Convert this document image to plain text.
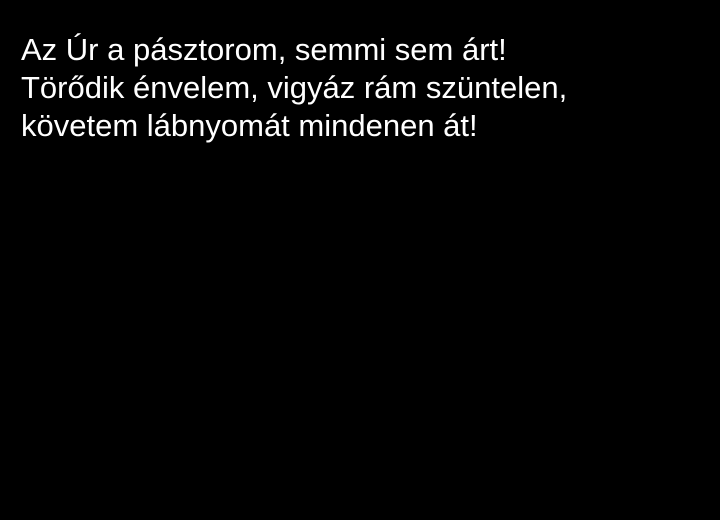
Az Úr a pásztorom, semmi sem árt!
Törődik énvelem, vigyáz rám szüntelen,
követem lábnyomát mindenen át!
